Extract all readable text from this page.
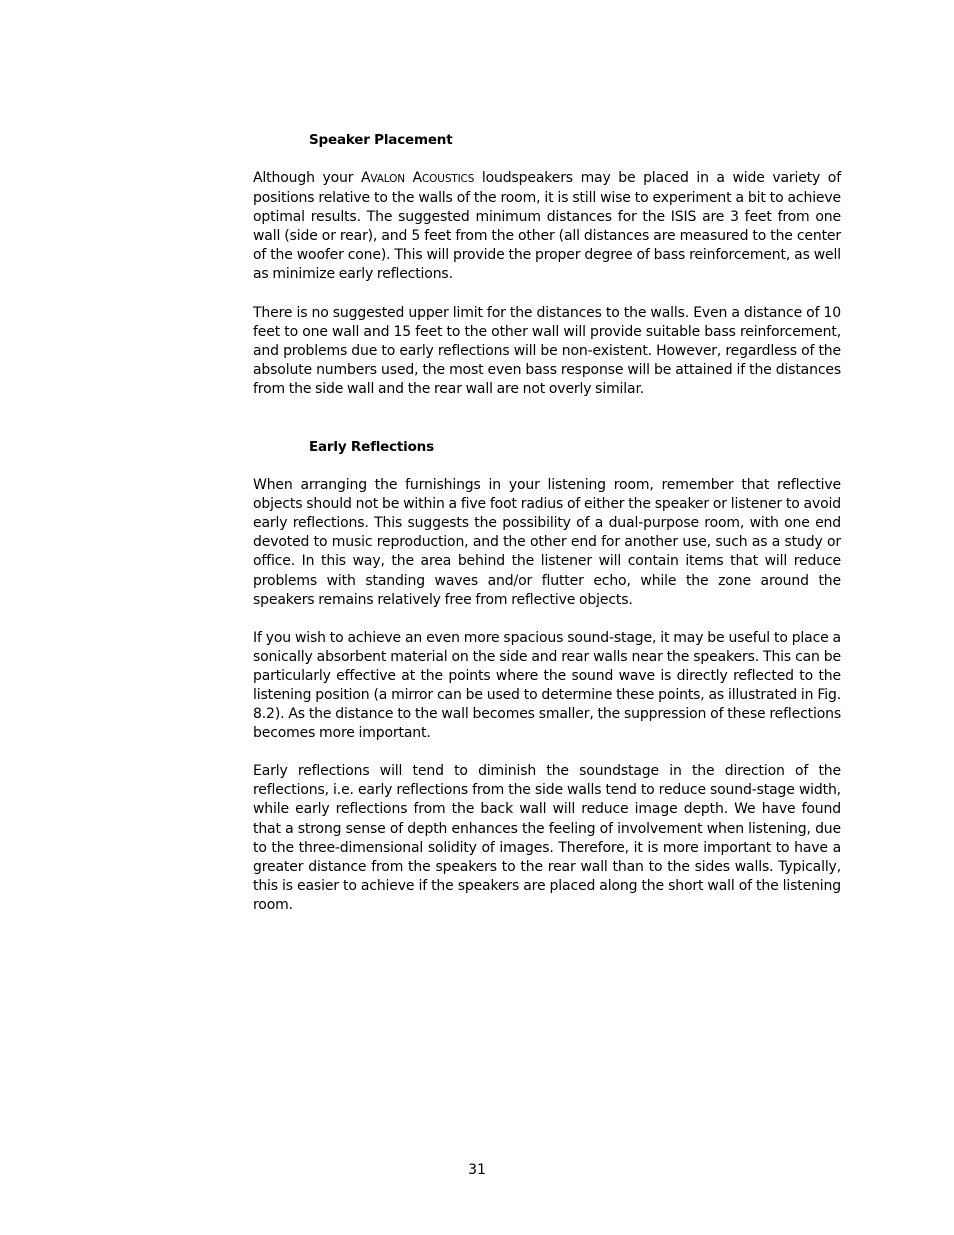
Speaker Placement

Although your AVALON ACOUSTICS loudspeakers may be placed in a wide variety of positions relative to the walls of the room, it is still wise to experiment a bit to achieve optimal results. The suggested minimum distances for the ISIS are 3 feet from one wall (side or rear), and 5 feet from the other (all distances are measured to the center of the woofer cone). This will provide the proper degree of bass reinforcement, as well as minimize early reflections.

There is no suggested upper limit for the distances to the walls. Even a distance of 10 feet to one wall and 15 feet to the other wall will provide suitable bass reinforcement, and problems due to early reflections will be non-existent. However, regardless of the absolute numbers used, the most even bass response will be attained if the distances from the side wall and the rear wall are not overly similar.

Early Reflections

When arranging the furnishings in your listening room, remember that reflective objects should not be within a five foot radius of either the speaker or listener to avoid early reflections. This suggests the possibility of a dual-purpose room, with one end devoted to music reproduction, and the other end for another use, such as a study or office. In this way, the area behind the listener will contain items that will reduce problems with standing waves and/or flutter echo, while the zone around the speakers remains relatively free from reflective objects.

If you wish to achieve an even more spacious sound-stage, it may be useful to place a sonically absorbent material on the side and rear walls near the speakers. This can be particularly effective at the points where the sound wave is directly reflected to the listening position (a mirror can be used to determine these points, as illustrated in Fig. 8.2). As the distance to the wall becomes smaller, the suppression of these reflections becomes more important.

Early reflections will tend to diminish the soundstage in the direction of the reflections, i.e. early reflections from the side walls tend to reduce sound-stage width, while early reflections from the back wall will reduce image depth. We have found that a strong sense of depth enhances the feeling of involvement when listening, due to the three-dimensional solidity of images. Therefore, it is more important to have a greater distance from the speakers to the rear wall than to the sides walls. Typically, this is easier to achieve if the speakers are placed along the short wall of the listening room.

31
